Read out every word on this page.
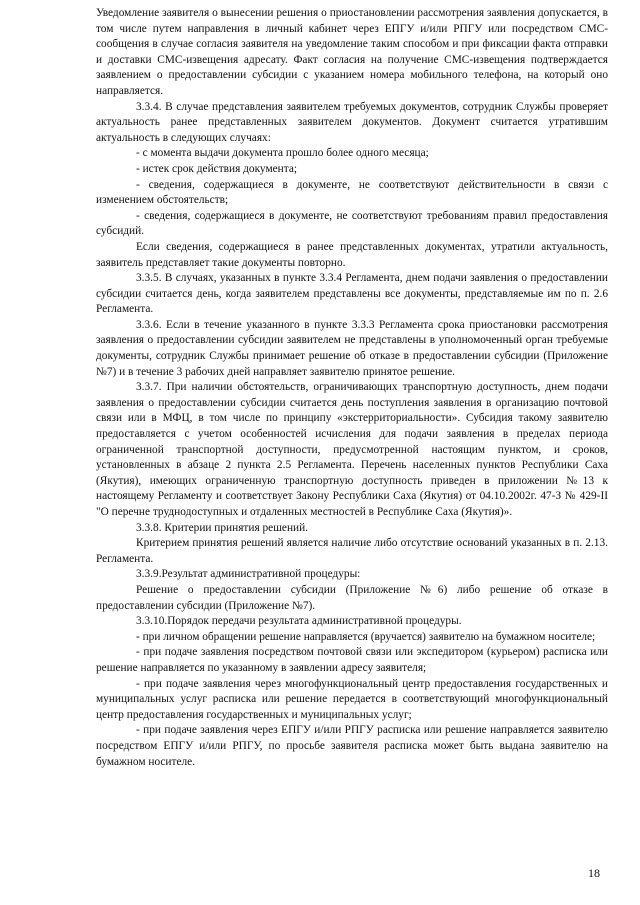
Уведомление заявителя о вынесении решения о приостановлении рассмотрения заявления допускается, в том числе путем направления в личный кабинет через ЕПГУ и/или РПГУ или посредством СМС-сообщения в случае согласия заявителя на уведомление таким способом и при фиксации факта отправки и доставки СМС-извещения адресату. Факт согласия на получение СМС-извещения подтверждается заявлением о предоставлении субсидии с указанием номера мобильного телефона, на который оно направляется.

3.3.4. В случае представления заявителем требуемых документов, сотрудник Службы проверяет актуальность ранее представленных заявителем документов. Документ считается утратившим актуальность в следующих случаях:

- с момента выдачи документа прошло более одного месяца;

- истек срок действия документа;

- сведения, содержащиеся в документе, не соответствуют действительности в связи с изменением обстоятельств;

- сведения, содержащиеся в документе, не соответствуют требованиям правил предоставления субсидий.

Если сведения, содержащиеся в ранее представленных документах, утратили актуальность, заявитель представляет такие документы повторно.

3.3.5. В случаях, указанных в пункте 3.3.4 Регламента, днем подачи заявления о предоставлении субсидии считается день, когда заявителем представлены все документы, представляемые им по п. 2.6 Регламента.

3.3.6. Если в течение указанного в пункте 3.3.3 Регламента срока приостановки рассмотрения заявления о предоставлении субсидии заявителем не представлены в уполномоченный орган требуемые документы, сотрудник Службы принимает решение об отказе в предоставлении субсидии (Приложение №7) и в течение 3 рабочих дней направляет заявителю принятое решение.

3.3.7. При наличии обстоятельств, ограничивающих транспортную доступность, днем подачи заявления о предоставлении субсидии считается день поступления заявления в организацию почтовой связи или в МФЦ, в том числе по принципу «экстерриториальности». Субсидия такому заявителю предоставляется с учетом особенностей исчисления для подачи заявления в пределах периода ограниченной транспортной доступности, предусмотренной настоящим пунктом, и сроков, установленных в абзаце 2 пункта 2.5 Регламента. Перечень населенных пунктов Республики Саха (Якутия), имеющих ограниченную транспортную доступность приведен в приложении №13 к настоящему Регламенту и соответствует Закону Республики Саха (Якутия) от 04.10.2002г. 47-З № 429-II "О перечне труднодоступных и отдаленных местностей в Республике Саха (Якутия)».

3.3.8. Критерии принятия решений.

Критерием принятия решений является наличие либо отсутствие оснований указанных в п. 2.13. Регламента.

3.3.9.Результат административной процедуры:

Решение о предоставлении субсидии (Приложение №6) либо решение об отказе в предоставлении субсидии (Приложение №7).

3.3.10.Порядок передачи результата административной процедуры.

- при личном обращении решение направляется (вручается) заявителю на бумажном носителе;

- при подаче заявления посредством почтовой связи или экспедитором (курьером) расписка или решение направляется по указанному в заявлении адресу заявителя;

- при подаче заявления через многофункциональный центр предоставления государственных и муниципальных услуг расписка или решение передается в соответствующий многофункциональный центр предоставления государственных и муниципальных услуг;

- при подаче заявления через ЕПГУ и/или РПГУ расписка или решение направляется заявителю посредством ЕПГУ и/или РПГУ, по просьбе заявителя расписка может быть выдана заявителю на бумажном носителе.

18
